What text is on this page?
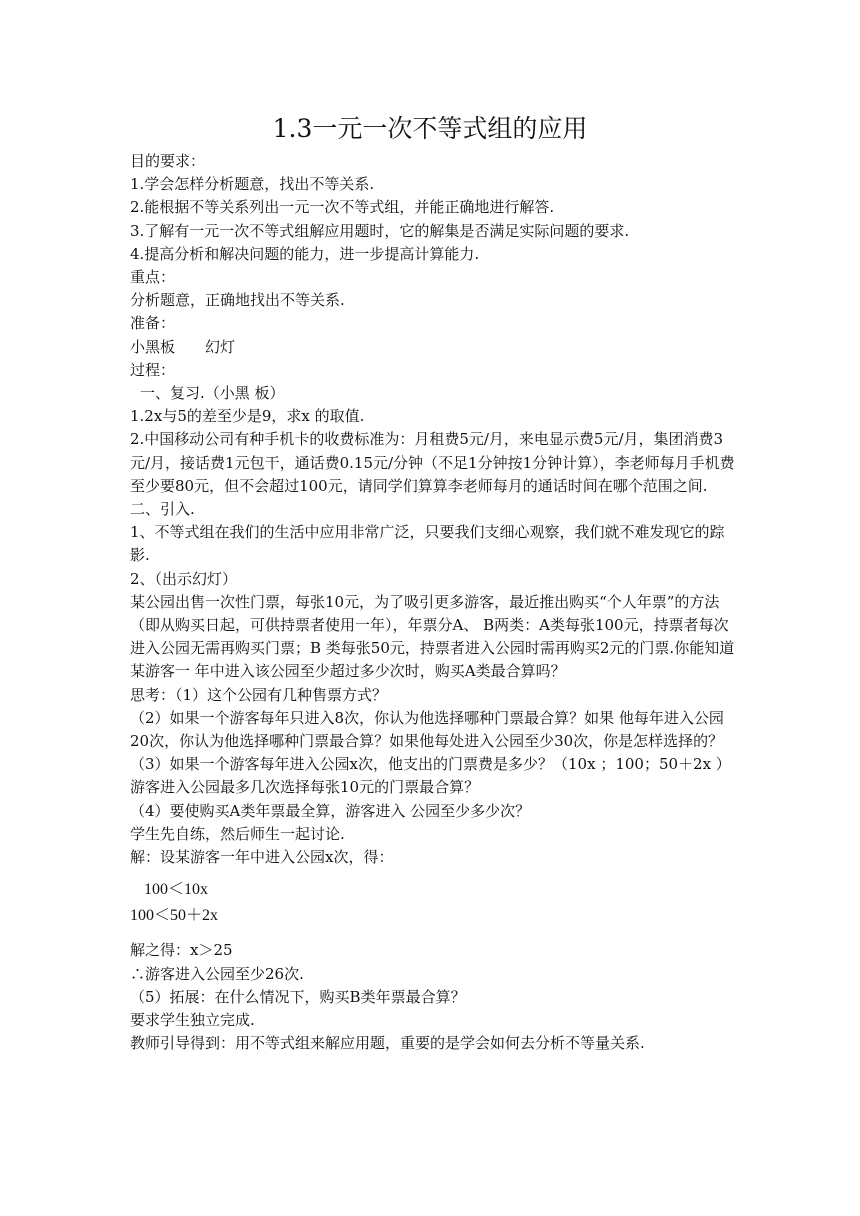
1.3一元一次不等式组的应用

目的要求：

1.学会怎样分析题意，找出不等关系.

2.能根据不等关系列出一元一次不等式组，并能正确地进行解答.

3.了解有一元一次不等式组解应用题时，它的解集是否满足实际问题的要求.

4.提高分析和解决问题的能力，进一步提高计算能力.

重点：

分析题意，正确地找出不等关系.

准备：

小黑板　　幻灯

过程：

一、复习.（小黑 板）

1.2x与5的差至少是9，求x 的取值.

2.中国移动公司有种手机卡的收费标准为：月租费5元/月，来电显示费5元/月，集团消费3元/月，接话费1元包干，通话费0.15元/分钟（不足1分钟按1分钟计算），李老师每月手机费至少要80元，但不会超过100元，请同学们算算李老师每月的通话时间在哪个范围之间.

二、引入.

1、不等式组在我们的生活中应用非常广泛，只要我们支细心观察，我们就不难发现它的踪影.

2、（出示幻灯）

某公园出售一次性门票，每张10元，为了吸引更多游客，最近推出购买“个人年票”的方法（即从购买日起，可供持票者使用一年），年票分A、 B两类：A类每张100元，持票者每次进入公园无需再购买门票；B 类每张50元，持票者进入公园时需再购买2元的门票.你能知道某游客一 年中进入该公园至少超过多少次时，购买A类最合算吗？

思考：（1）这个公园有几种售票方式？

（2）如果一个游客每年只进入8次，你认为他选择哪种门票最合算？如果 他每年进入公园20次，你认为他选择哪种门票最合算？如果他每处进入公园至少30次，你是怎样选择的？

（3）如果一个游客每年进入公园x次，他支出的门票费是多少？（10x ；100；50＋2x ） 游客进入公园最多几次选择每张10元的门票最合算？

（4）要使购买A类年票最全算，游客进入 公园至少多少次？

学生先自练，然后师生一起讨论.

解：设某游客一年中进入公园x次，得：

100＜10x

100＜50＋2x

解之得：x＞25

∴游客进入公园至少26次.

（5）拓展：在什么情况下，购买B类年票最合算？

要求学生独立完成.

教师引导得到：用不等式组来解应用题，重要的是学会如何去分析不等量关系.
